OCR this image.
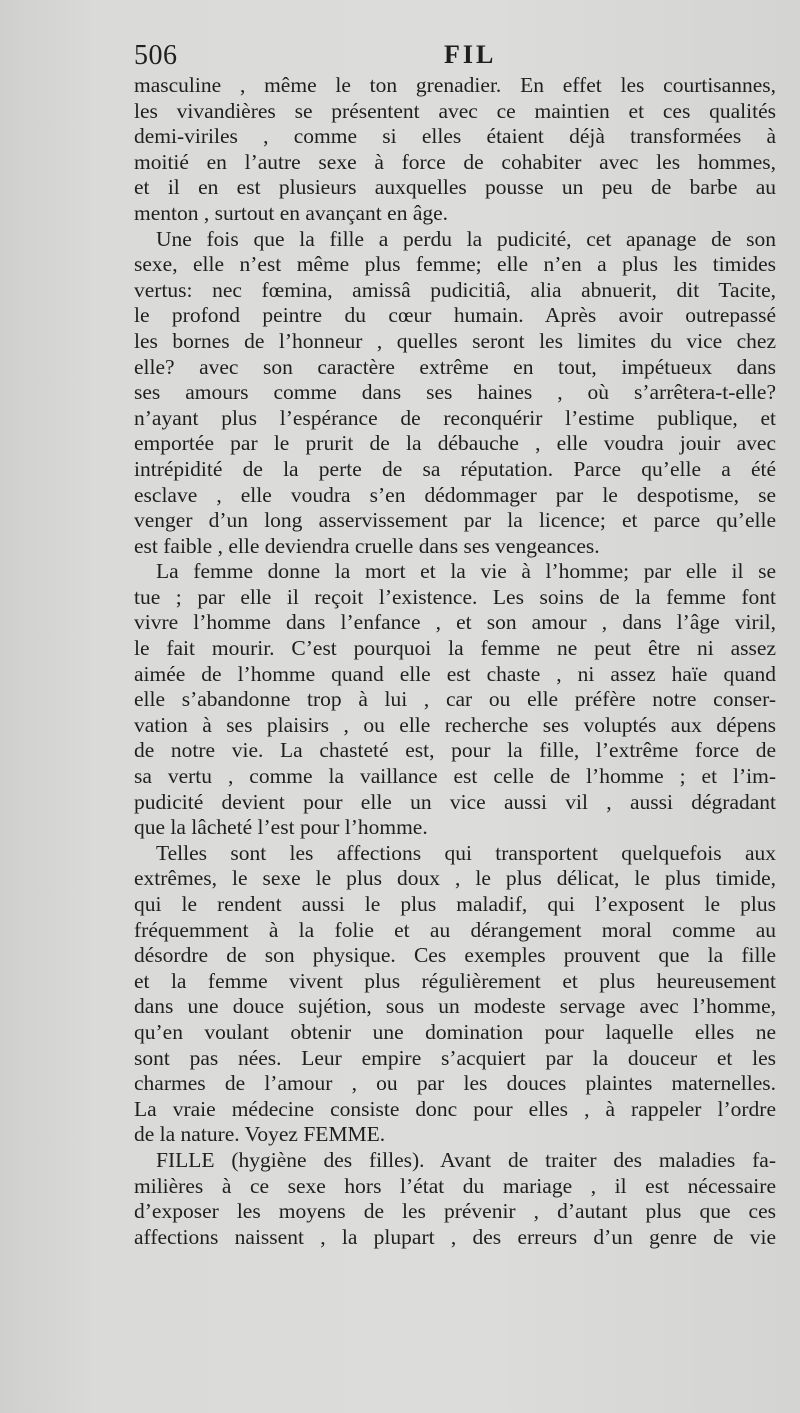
506	FIL
masculine , même le ton grenadier. En effet les courtisannes,
les vivandières se présentent avec ce maintien et ces qualités
demi-viriles , comme si elles étaient déjà transformées à
moitié en l’autre sexe à force de cohabiter avec les hommes,
et il en est plusieurs auxquelles pousse un peu de barbe au
menton , surtout en avançant en âge.
Une fois que la fille a perdu la pudicité, cet apanage de son
sexe, elle n’est même plus femme; elle n’en a plus les timides
vertus: nec fœmina, amissâ pudicitiâ, alia abnuerit, dit Tacite,
le profond peintre du cœur humain. Après avoir outrepassé
les bornes de l’honneur , quelles seront les limites du vice chez
elle? avec son caractère extrême en tout, impétueux dans
ses amours comme dans ses haines , où s’arrêtera-t-elle?
n’ayant plus l’espérance de reconquérir l’estime publique, et
emportée par le prurit de la débauche , elle voudra jouir avec
intrépidité de la perte de sa réputation. Parce qu’elle a été
esclave , elle voudra s’en dédommager par le despotisme, se
venger d’un long asservissement par la licence; et parce qu’elle
est faible , elle deviendra cruelle dans ses vengeances.
La femme donne la mort et la vie à l’homme; par elle il se
tue ; par elle il reçoit l’existence. Les soins de la femme font
vivre l’homme dans l’enfance , et son amour , dans l’âge viril,
le fait mourir. C’est pourquoi la femme ne peut être ni assez
aimée de l’homme quand elle est chaste , ni assez haïe quand
elle s’abandonne trop à lui , car ou elle préfère notre conser-
vation à ses plaisirs , ou elle recherche ses voluptés aux dépens
de notre vie. La chasteté est, pour la fille, l’extrême force de
sa vertu , comme la vaillance est celle de l’homme ; et l’im-
pudicité devient pour elle un vice aussi vil , aussi dégradant
que la lâcheté l’est pour l’homme.
Telles sont les affections qui transportent quelquefois aux
extrêmes, le sexe le plus doux , le plus délicat, le plus timide,
qui le rendent aussi le plus maladif, qui l’exposent le plus
fréquemment à la folie et au dérangement moral comme au
désordre de son physique. Ces exemples prouvent que la fille
et la femme vivent plus régulièrement et plus heureusement
dans une douce sujétion, sous un modeste servage avec l’homme,
qu’en voulant obtenir une domination pour laquelle elles ne
sont pas nées. Leur empire s’acquiert par la douceur et les
charmes de l’amour , ou par les douces plaintes maternelles.
La vraie médecine consiste donc pour elles , à rappeler l’ordre
de la nature. Voyez FEMME.
FILLE (hygiène des filles). Avant de traiter des maladies fa-
milières à ce sexe hors l’état du mariage , il est nécessaire
d’exposer les moyens de les prévenir , d’autant plus que ces
affections naissent , la plupart , des erreurs d’un genre de vie
